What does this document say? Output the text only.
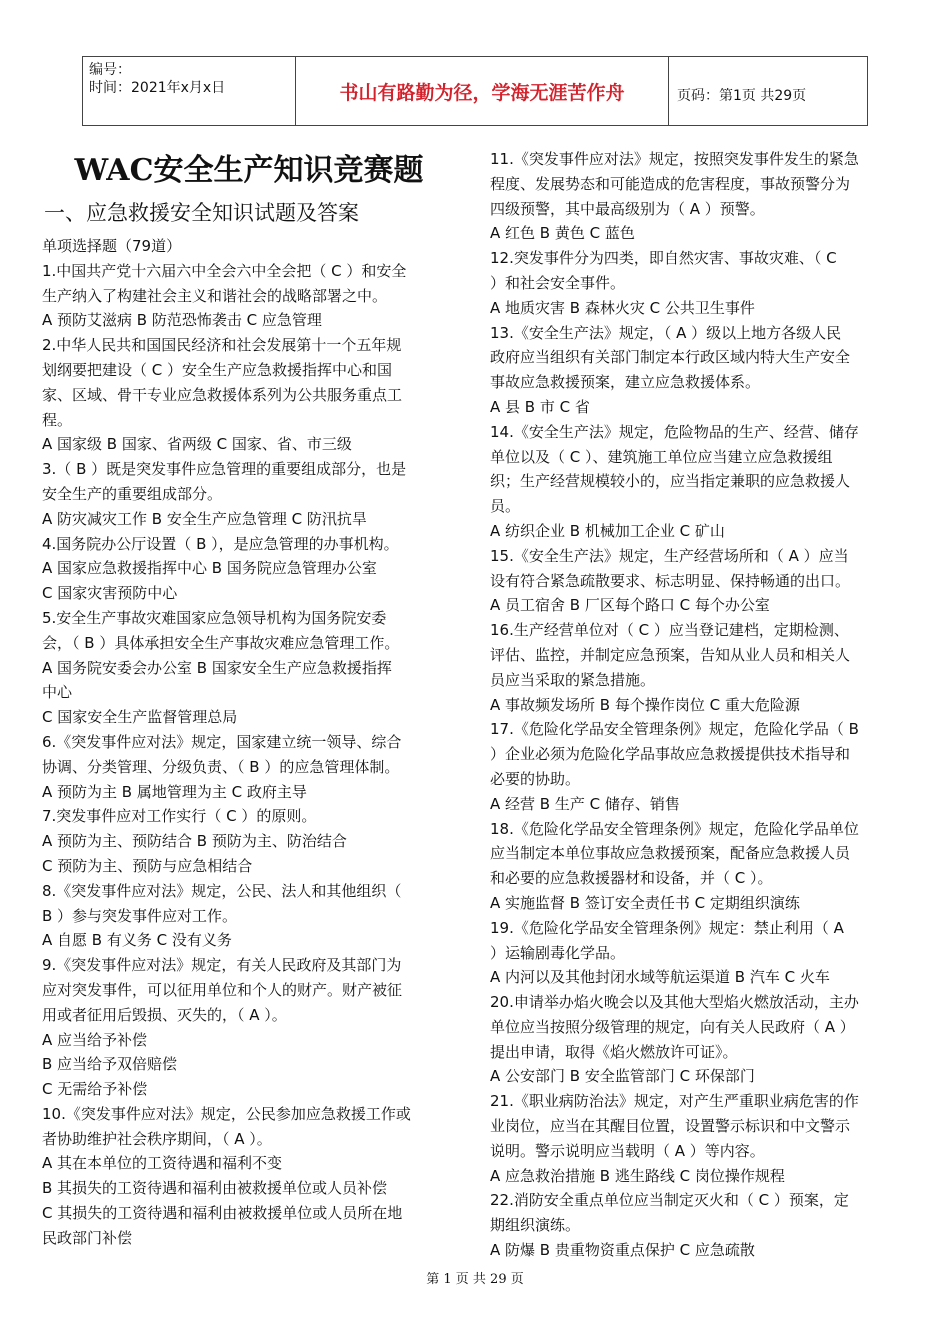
编号：
时间：2021年x月x日	书山有路勤为径，学海无涯苦作舟	页码：第1页 共29页
WAC安全生产知识竞赛题
一、应急救援安全知识试题及答案

单项选择题（79道）

1.中国共产党十六届六中全会六中全会把（ C ）和安全

生产纳入了构建社会主义和谐社会的战略部署之中。

A 预防艾滋病 B 防范恐怖袭击 C 应急管理

2.中华人民共和国国民经济和社会发展第十一个五年规

划纲要把建设（ C ）安全生产应急救援指挥中心和国

家、区域、骨干专业应急救援体系列为公共服务重点工

程。

A 国家级 B 国家、省两级 C 国家、省、市三级

3.（ B ）既是突发事件应急管理的重要组成部分，也是

安全生产的重要组成部分。

A 防灾减灾工作 B 安全生产应急管理 C 防汛抗旱

4.国务院办公厅设置（ B ），是应急管理的办事机构。

A 国家应急救援指挥中心 B 国务院应急管理办公室

C 国家灾害预防中心

5.安全生产事故灾难国家应急领导机构为国务院安委

会，（ B ）具体承担安全生产事故灾难应急管理工作。

A 国务院安委会办公室 B 国家安全生产应急救援指挥

中心

C 国家安全生产监督管理总局

6.《突发事件应对法》规定，国家建立统一领导、综合

协调、分类管理、分级负责、（ B ）的应急管理体制。

A 预防为主 B 属地管理为主 C 政府主导

7.突发事件应对工作实行（ C ）的原则。

A 预防为主、预防结合 B 预防为主、防治结合

C 预防为主、预防与应急相结合

8.《突发事件应对法》规定，公民、法人和其他组织（

B ）参与突发事件应对工作。

A 自愿 B 有义务 C 没有义务

9.《突发事件应对法》规定，有关人民政府及其部门为

应对突发事件，可以征用单位和个人的财产。财产被征

用或者征用后毁损、灭失的，（ A ）。

A 应当给予补偿

B 应当给予双倍赔偿

C 无需给予补偿

10.《突发事件应对法》规定，公民参加应急救援工作或

者协助维护社会秩序期间，（ A ）。

A 其在本单位的工资待遇和福利不变

B 其损失的工资待遇和福利由被救援单位或人员补偿

C 其损失的工资待遇和福利由被救援单位或人员所在地

民政部门补偿

11.《突发事件应对法》规定，按照突发事件发生的紧急

程度、发展势态和可能造成的危害程度，事故预警分为

四级预警，其中最高级别为（ A ）预警。

A 红色 B 黄色 C 蓝色

12.突发事件分为四类，即自然灾害、事故灾难、（ C

）和社会安全事件。

A 地质灾害 B 森林火灾 C 公共卫生事件

13.《安全生产法》规定，（ A ）级以上地方各级人民

政府应当组织有关部门制定本行政区域内特大生产安全

事故应急救援预案，建立应急救援体系。

A 县 B 市 C 省

14.《安全生产法》规定，危险物品的生产、经营、储存

单位以及（ C ）、建筑施工单位应当建立应急救援组

织；生产经营规模较小的，应当指定兼职的应急救援人

员。

A 纺织企业 B 机械加工企业 C 矿山

15.《安全生产法》规定，生产经营场所和（ A ）应当

设有符合紧急疏散要求、标志明显、保持畅通的出口。

A 员工宿舍 B 厂区每个路口 C 每个办公室

16.生产经营单位对（ C ）应当登记建档，定期检测、

评估、监控，并制定应急预案，告知从业人员和相关人

员应当采取的紧急措施。

A 事故频发场所 B 每个操作岗位 C 重大危险源

17.《危险化学品安全管理条例》规定，危险化学品（ B

）企业必须为危险化学品事故应急救援提供技术指导和

必要的协助。

A 经营 B 生产 C 储存、销售

18.《危险化学品安全管理条例》规定，危险化学品单位

应当制定本单位事故应急救援预案，配备应急救援人员

和必要的应急救援器材和设备，并（ C ）。

A 实施监督 B 签订安全责任书 C 定期组织演练

19.《危险化学品安全管理条例》规定：禁止利用（ A

）运输剧毒化学品。

A 内河以及其他封闭水域等航运渠道 B 汽车 C 火车

20.申请举办焰火晚会以及其他大型焰火燃放活动，主办

单位应当按照分级管理的规定，向有关人民政府（ A ）

提出申请，取得《焰火燃放许可证》。

A 公安部门 B 安全监管部门 C 环保部门

21.《职业病防治法》规定，对产生严重职业病危害的作

业岗位，应当在其醒目位置，设置警示标识和中文警示

说明。警示说明应当载明（ A ）等内容。

A 应急救治措施 B 逃生路线 C 岗位操作规程

22.消防安全重点单位应当制定灭火和（ C ）预案，定

期组织演练。

A 防爆 B 贵重物资重点保护 C 应急疏散

第 1 页 共 29 页
